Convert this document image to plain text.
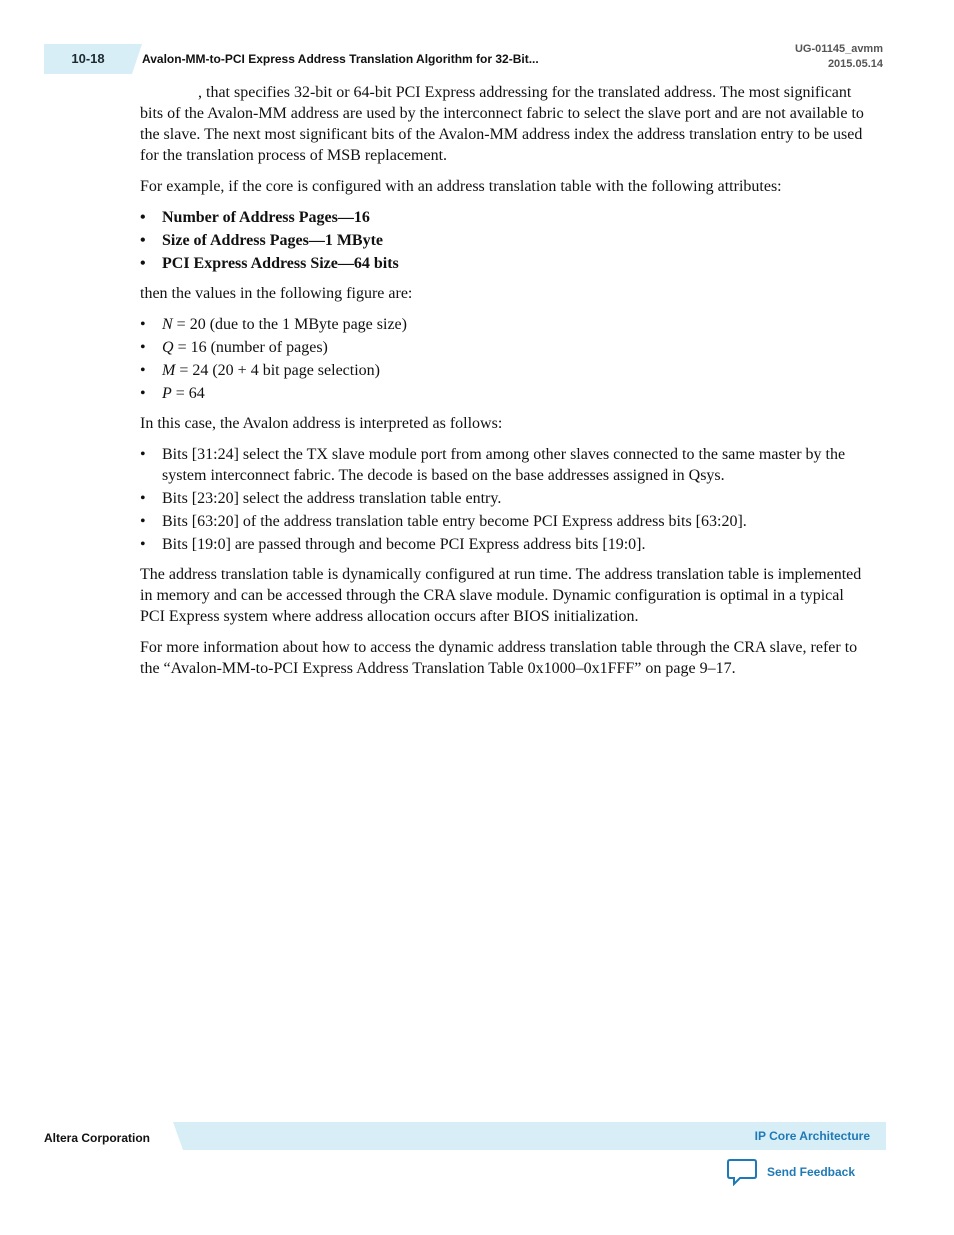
10-18	Avalon-MM-to-PCI Express Address Translation Algorithm for 32-Bit...
UG-01145_avmm
2015.05.14

, that specifies 32-bit or 64-bit PCI Express addressing for the translated address. The most significant bits of the Avalon-MM address are used by the interconnect fabric to select the slave port and are not available to the slave. The next most significant bits of the Avalon-MM address index the address translation entry to be used for the translation process of MSB replacement.

For example, if the core is configured with an address translation table with the following attributes:

• Number of Address Pages—16
• Size of Address Pages—1 MByte
• PCI Express Address Size—64 bits

then the values in the following figure are:

• N = 20 (due to the 1 MByte page size)
• Q = 16 (number of pages)
• M = 24 (20 + 4 bit page selection)
• P = 64

In this case, the Avalon address is interpreted as follows:

• Bits [31:24] select the TX slave module port from among other slaves connected to the same master by the system interconnect fabric. The decode is based on the base addresses assigned in Qsys.
• Bits [23:20] select the address translation table entry.
• Bits [63:20] of the address translation table entry become PCI Express address bits [63:20].
• Bits [19:0] are passed through and become PCI Express address bits [19:0].

The address translation table is dynamically configured at run time. The address translation table is implemented in memory and can be accessed through the CRA slave module. Dynamic configuration is optimal in a typical PCI Express system where address allocation occurs after BIOS initialization.

For more information about how to access the dynamic address translation table through the CRA slave, refer to the “Avalon-MM-to-PCI Express Address Translation Table 0x1000–0x1FFF” on page 9–17.

Altera Corporation	IP Core Architecture
Send Feedback
